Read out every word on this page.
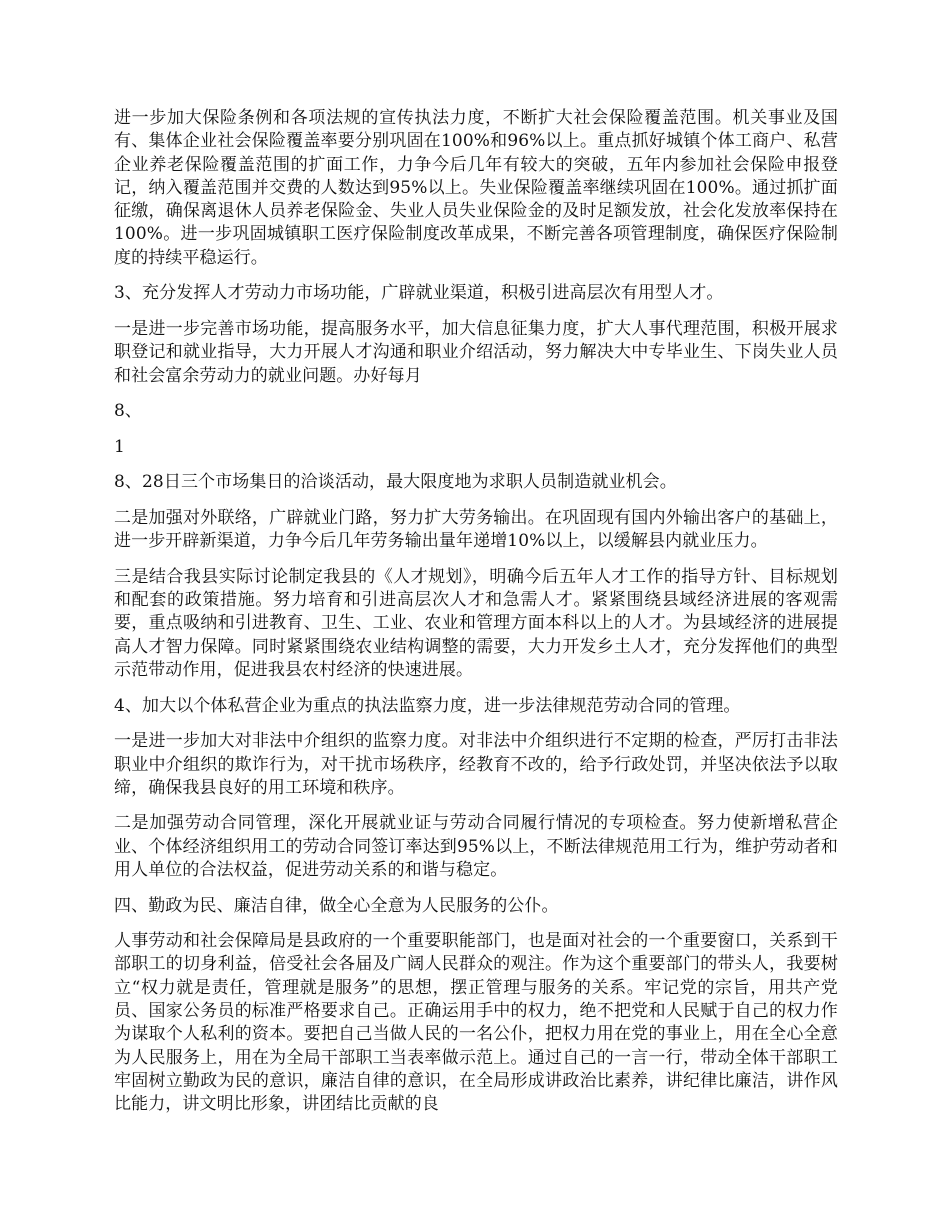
进一步加大保险条例和各项法规的宣传执法力度，不断扩大社会保险覆盖范围。机关事业及国有、集体企业社会保险覆盖率要分别巩固在100%和96%以上。重点抓好城镇个体工商户、私营企业养老保险覆盖范围的扩面工作，力争今后几年有较大的突破，五年内参加社会保险申报登记，纳入覆盖范围并交费的人数达到95%以上。失业保险覆盖率继续巩固在100%。通过抓扩面征缴，确保离退休人员养老保险金、失业人员失业保险金的及时足额发放，社会化发放率保持在100%。进一步巩固城镇职工医疗保险制度改革成果，不断完善各项管理制度，确保医疗保险制度的持续平稳运行。

3、充分发挥人才劳动力市场功能，广辟就业渠道，积极引进高层次有用型人才。

一是进一步完善市场功能，提高服务水平，加大信息征集力度，扩大人事代理范围，积极开展求职登记和就业指导，大力开展人才沟通和职业介绍活动，努力解决大中专毕业生、下岗失业人员和社会富余劳动力的就业问题。办好每月

8、

1

8、28日三个市场集日的洽谈活动，最大限度地为求职人员制造就业机会。

二是加强对外联络，广辟就业门路，努力扩大劳务输出。在巩固现有国内外输出客户的基础上，进一步开辟新渠道，力争今后几年劳务输出量年递增10%以上，以缓解县内就业压力。

三是结合我县实际讨论制定我县的《人才规划》，明确今后五年人才工作的指导方针、目标规划和配套的政策措施。努力培育和引进高层次人才和急需人才。紧紧围绕县域经济进展的客观需要，重点吸纳和引进教育、卫生、工业、农业和管理方面本科以上的人才。为县域经济的进展提高人才智力保障。同时紧紧围绕农业结构调整的需要，大力开发乡土人才，充分发挥他们的典型示范带动作用，促进我县农村经济的快速进展。

4、加大以个体私营企业为重点的执法监察力度，进一步法律规范劳动合同的管理。

一是进一步加大对非法中介组织的监察力度。对非法中介组织进行不定期的检查，严厉打击非法职业中介组织的欺诈行为，对干扰市场秩序，经教育不改的，给予行政处罚，并坚决依法予以取缔，确保我县良好的用工环境和秩序。

二是加强劳动合同管理，深化开展就业证与劳动合同履行情况的专项检查。努力使新增私营企业、个体经济组织用工的劳动合同签订率达到95%以上，不断法律规范用工行为，维护劳动者和用人单位的合法权益，促进劳动关系的和谐与稳定。

四、勤政为民、廉洁自律，做全心全意为人民服务的公仆。

人事劳动和社会保障局是县政府的一个重要职能部门，也是面对社会的一个重要窗口，关系到干部职工的切身利益，倍受社会各届及广阔人民群众的观注。作为这个重要部门的带头人，我要树立“权力就是责任，管理就是服务”的思想，摆正管理与服务的关系。牢记党的宗旨，用共产党员、国家公务员的标准严格要求自己。正确运用手中的权力，绝不把党和人民赋于自己的权力作为谋取个人私利的资本。要把自己当做人民的一名公仆，把权力用在党的事业上，用在全心全意为人民服务上，用在为全局干部职工当表率做示范上。通过自己的一言一行，带动全体干部职工牢固树立勤政为民的意识，廉洁自律的意识，在全局形成讲政治比素养，讲纪律比廉洁，讲作风比能力，讲文明比形象，讲团结比贡献的良
